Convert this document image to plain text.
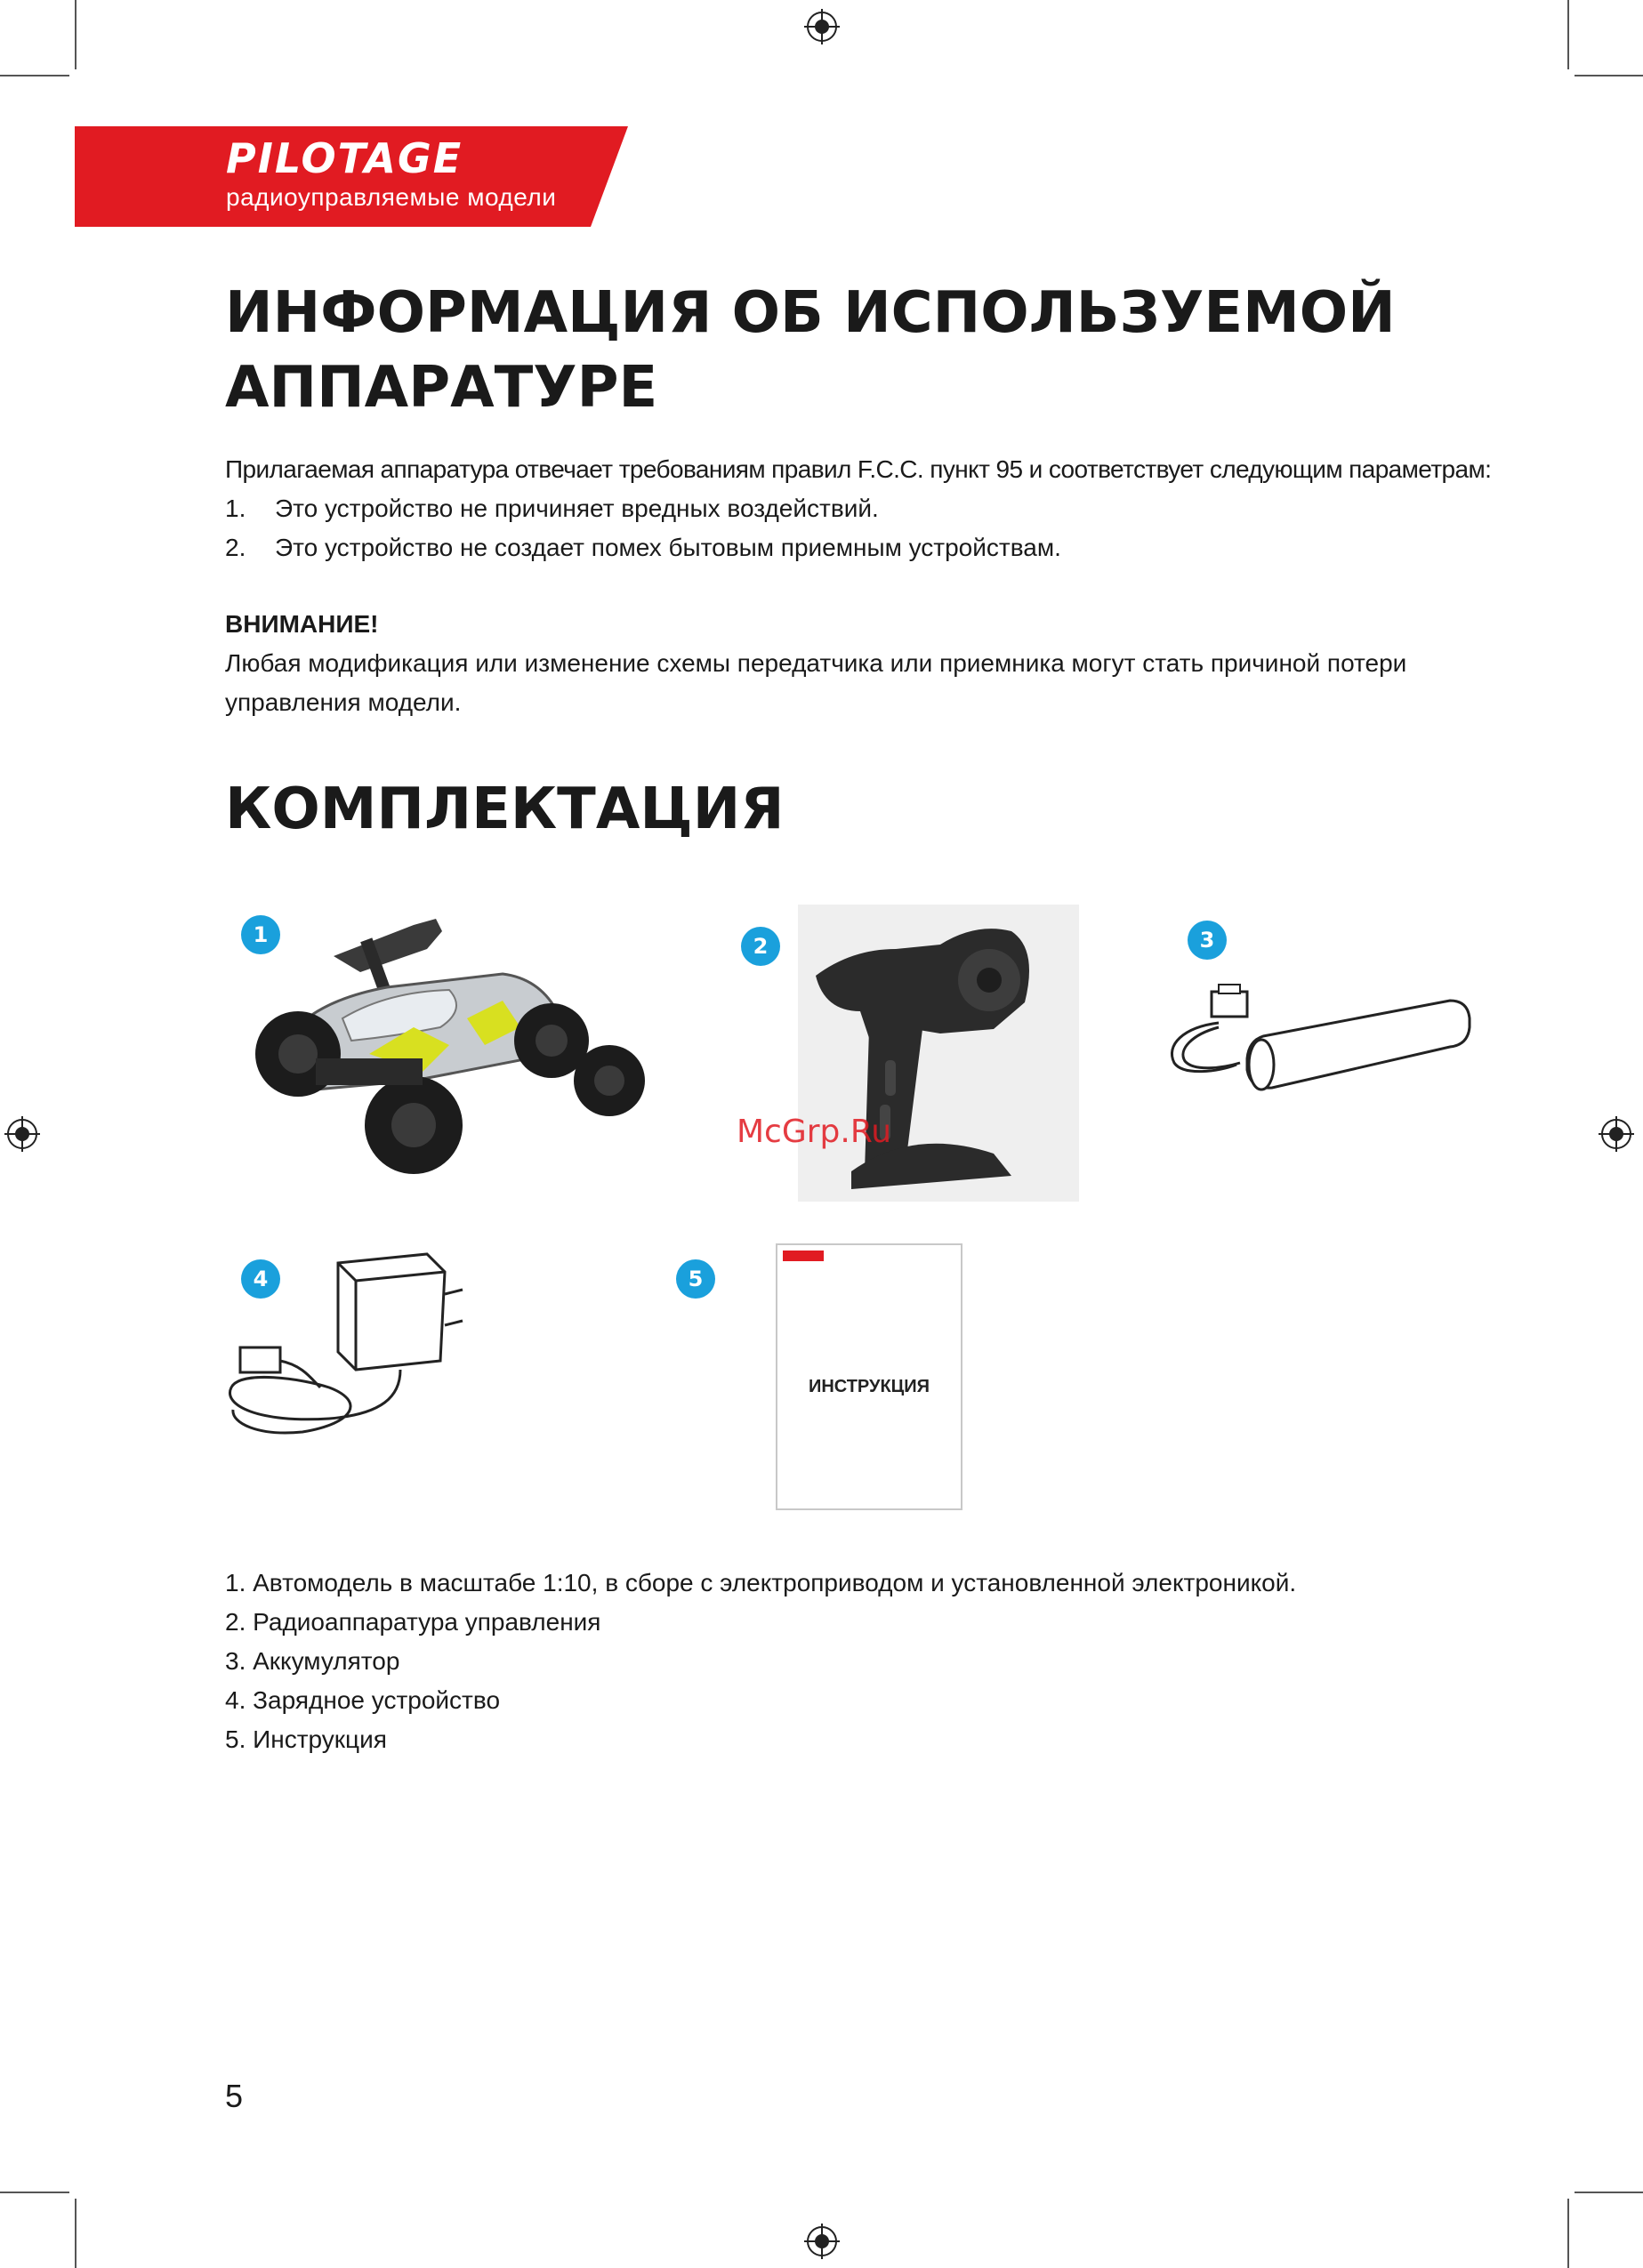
PILOTAGE
радиоуправляемые модели
ИНФОРМАЦИЯ ОБ ИСПОЛЬЗУЕМОЙ
АППАРАТУРЕ
Прилагаемая аппаратура отвечает требованиям правил F.C.C. пункт 95 и соответствует следующим параметрам:
1. Это устройство не причиняет вредных воздействий.
2. Это устройство не создает помех бытовым приемным устройствам.
ВНИМАНИЕ!
Любая модификация или изменение схемы передатчика или приемника могут стать причиной потери
управления модели.
КОМПЛЕКТАЦИЯ
1	2	3
4	5
ИНСТРУКЦИЯ
McGrp.Ru
1. Автомодель в масштабе 1:10, в сборе с электроприводом и установленной электроникой.
2. Радиоаппаратура управления
3. Аккумулятор
4. Зарядное устройство
5. Инструкция
5
